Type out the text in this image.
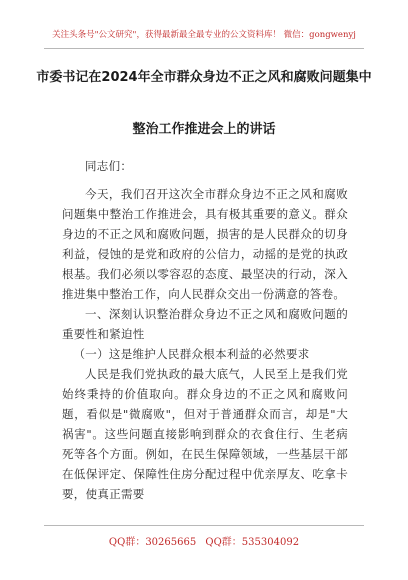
关注头条号"公文研究"，获得最新最全最专业的公文资料库！ 微信：gongwenyj
市委书记在2024年全市群众身边不正之风和腐败问题集中
整治工作推进会上的讲话

同志们：

今天，我们召开这次全市群众身边不正之风和腐败问题集中整治工作推进会，具有极其重要的意义。群众身边的不正之风和腐败问题，损害的是人民群众的切身利益，侵蚀的是党和政府的公信力，动摇的是党的执政根基。我们必须以零容忍的态度、最坚决的行动，深入推进集中整治工作，向人民群众交出一份满意的答卷。

一、深刻认识整治群众身边不正之风和腐败问题的重要性和紧迫性

（一）这是维护人民群众根本利益的必然要求

人民是我们党执政的最大底气，人民至上是我们党始终秉持的价值取向。群众身边的不正之风和腐败问题，看似是"微腐败"，但对于普通群众而言，却是"大祸害"。这些问题直接影响到群众的衣食住行、生老病死等各个方面。例如，在民生保障领域，一些基层干部在低保评定、保障性住房分配过程中优亲厚友、吃拿卡要，使真正需要

QQ群：30265665 QQ群：535304092
